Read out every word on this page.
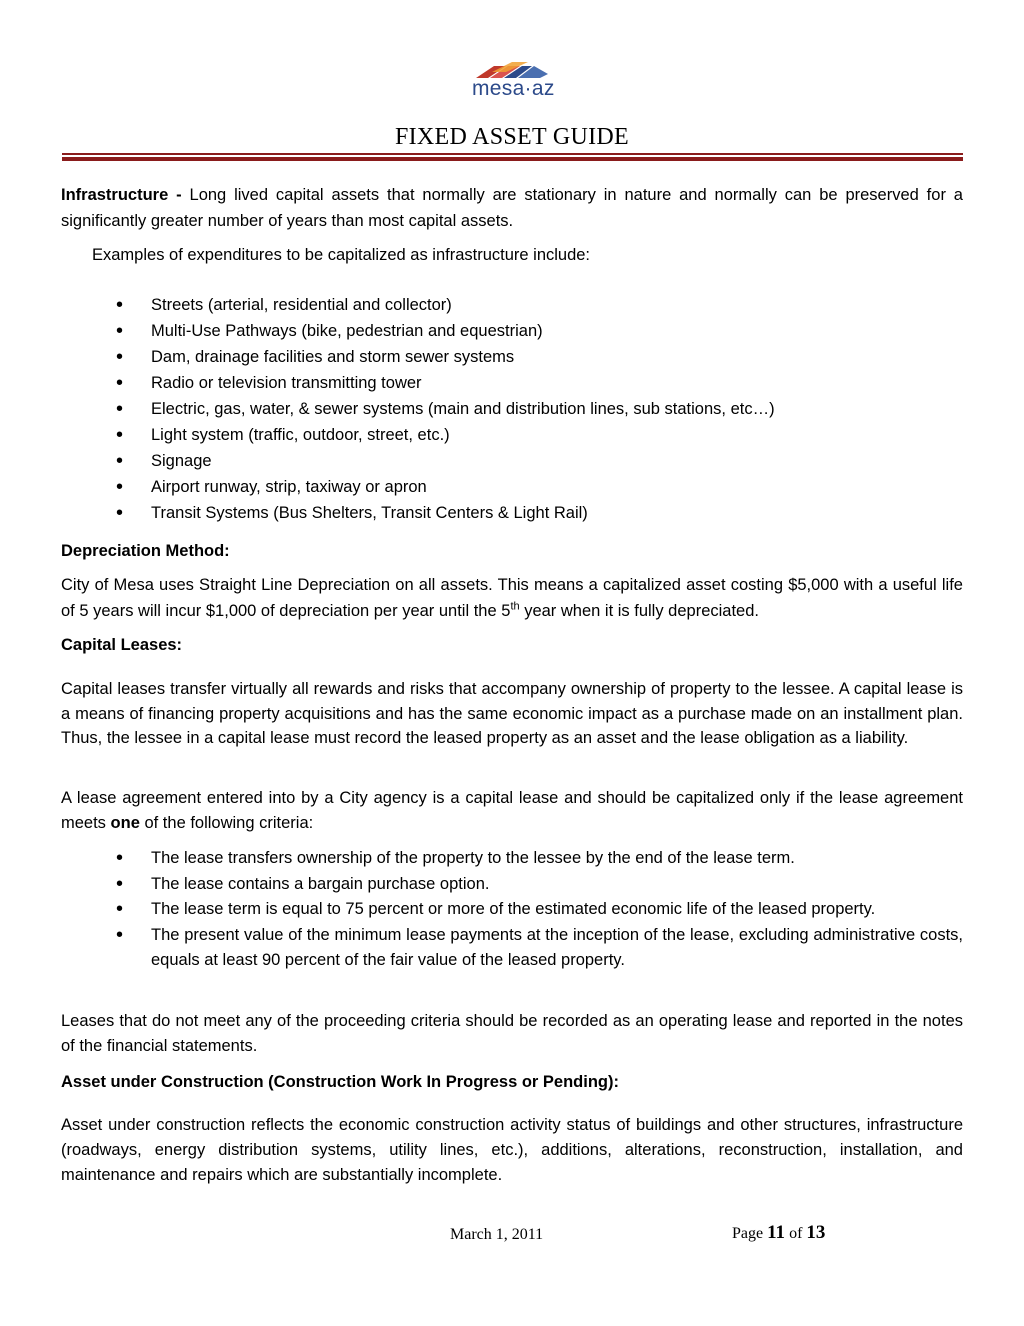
mesa·az
FIXED ASSET GUIDE
Infrastructure - Long lived capital assets that normally are stationary in nature and normally can be preserved for a significantly greater number of years than most capital assets.
Examples of expenditures to be capitalized as infrastructure include:
• Streets (arterial, residential and collector)
• Multi-Use Pathways (bike, pedestrian and equestrian)
• Dam, drainage facilities and storm sewer systems
• Radio or television transmitting tower
• Electric, gas, water, & sewer systems (main and distribution lines, sub stations, etc…)
• Light system (traffic, outdoor, street, etc.)
• Signage
• Airport runway, strip, taxiway or apron
• Transit Systems (Bus Shelters, Transit Centers & Light Rail)
Depreciation Method:
City of Mesa uses Straight Line Depreciation on all assets. This means a capitalized asset costing $5,000 with a useful life of 5 years will incur $1,000 of depreciation per year until the 5th year when it is fully depreciated.
Capital Leases:
Capital leases transfer virtually all rewards and risks that accompany ownership of property to the lessee. A capital lease is a means of financing property acquisitions and has the same economic impact as a purchase made on an installment plan. Thus, the lessee in a capital lease must record the leased property as an asset and the lease obligation as a liability.
A lease agreement entered into by a City agency is a capital lease and should be capitalized only if the lease agreement meets one of the following criteria:
• The lease transfers ownership of the property to the lessee by the end of the lease term.
• The lease contains a bargain purchase option.
• The lease term is equal to 75 percent or more of the estimated economic life of the leased property.
• The present value of the minimum lease payments at the inception of the lease, excluding administrative costs, equals at least 90 percent of the fair value of the leased property.
Leases that do not meet any of the proceeding criteria should be recorded as an operating lease and reported in the notes of the financial statements.
Asset under Construction (Construction Work In Progress or Pending):
Asset under construction reflects the economic construction activity status of buildings and other structures, infrastructure (roadways, energy distribution systems, utility lines, etc.), additions, alterations, reconstruction, installation, and maintenance and repairs which are substantially incomplete.
March 1, 2011	Page 11 of 13
